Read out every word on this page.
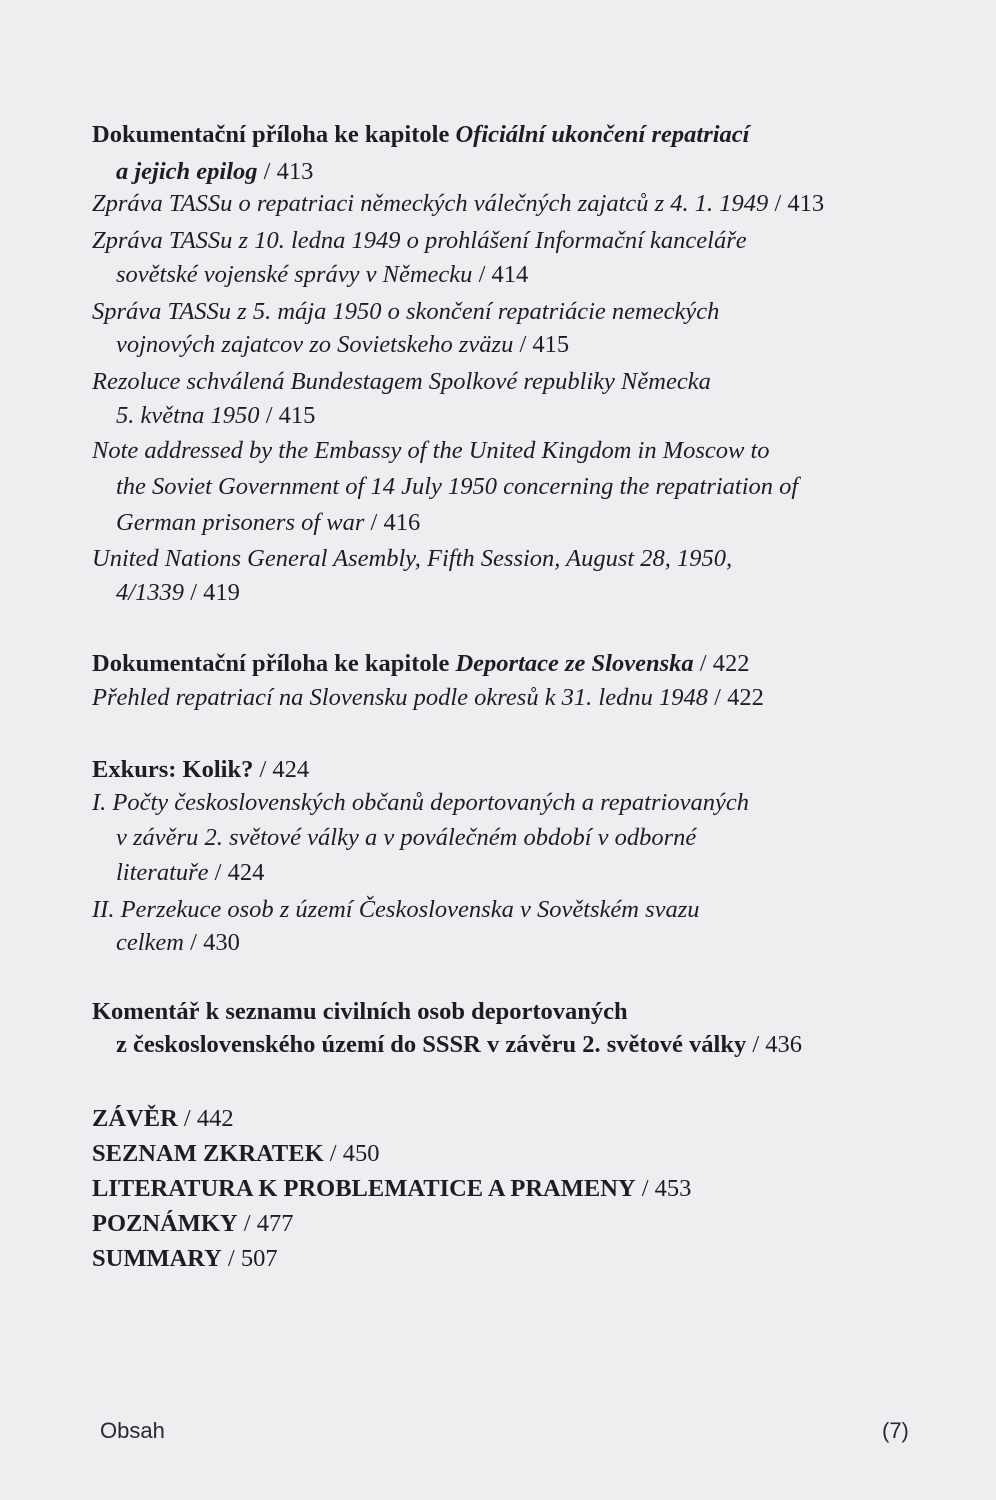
Dokumentační příloha ke kapitole Oficiální ukončení repatriací
a jejich epilog / 413
Zpráva TASSu o repatriaci německých válečných zajatců z 4. 1. 1949 / 413
Zpráva TASSu z 10. ledna 1949 o prohlášení Informační kanceláře
sovětské vojenské správy v Německu / 414
Správa TASSu z 5. mája 1950 o skončení repatriácie nemeckých
vojnových zajatcov zo Sovietskeho zväzu / 415
Rezoluce schválená Bundestagem Spolkové republiky Německa
5. května 1950 / 415
Note addressed by the Embassy of the United Kingdom in Moscow to
the Soviet Government of 14 July 1950 concerning the repatriation of
German prisoners of war / 416
United Nations General Asembly, Fifth Session, August 28, 1950,
4/1339 / 419
Dokumentační příloha ke kapitole Deportace ze Slovenska / 422
Přehled repatriací na Slovensku podle okresů k 31. lednu 1948 / 422
Exkurs: Kolik? / 424
I. Počty československých občanů deportovaných a repatriovaných
v závěru 2. světové války a v poválečném období v odborné
literatuře / 424
II. Perzekuce osob z území Československa v Sovětském svazu
celkem / 430
Komentář k seznamu civilních osob deportovaných
z československého území do SSSR v závěru 2. světové války / 436
ZÁVĚR / 442
SEZNAM ZKRATEK / 450
LITERATURA K PROBLEMATICE A PRAMENY / 453
POZNÁMKY / 477
SUMMARY / 507
Obsah	(7)
